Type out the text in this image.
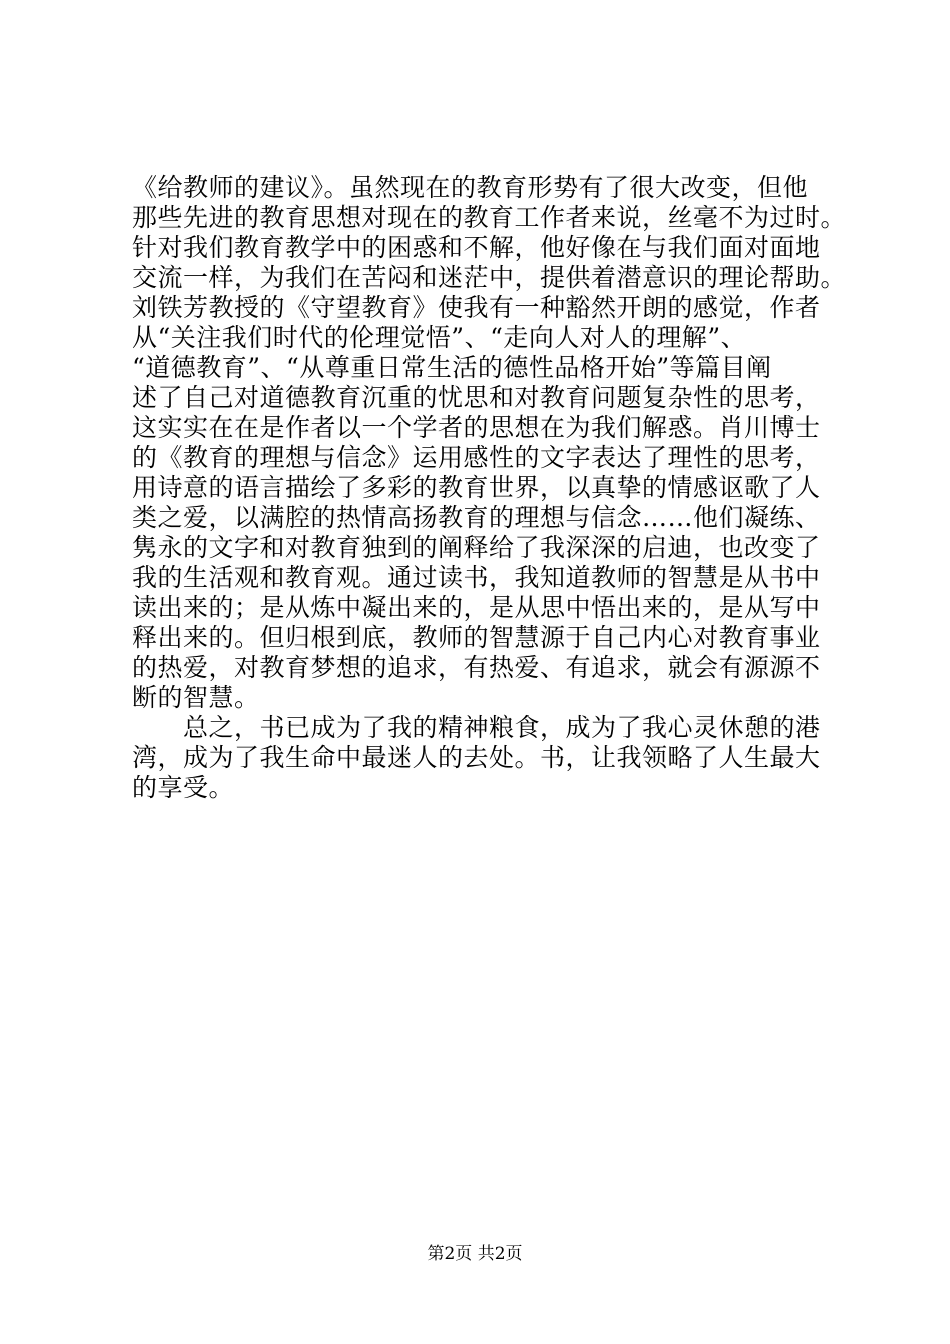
《给教师的建议》。虽然现在的教育形势有了很大改变，但他
那些先进的教育思想对现在的教育工作者来说，丝毫不为过时。
针对我们教育教学中的困惑和不解，他好像在与我们面对面地
交流一样，为我们在苦闷和迷茫中，提供着潜意识的理论帮助。
刘铁芳教授的《守望教育》使我有一种豁然开朗的感觉，作者
从“关注我们时代的伦理觉悟”、“走向人对人的理解”、
“道德教育”、“从尊重日常生活的德性品格开始”等篇目阐
述了自己对道德教育沉重的忧思和对教育问题复杂性的思考，
这实实在在是作者以一个学者的思想在为我们解惑。肖川博士
的《教育的理想与信念》运用感性的文字表达了理性的思考，
用诗意的语言描绘了多彩的教育世界，以真挚的情感讴歌了人
类之爱，以满腔的热情高扬教育的理想与信念……他们凝练、
隽永的文字和对教育独到的阐释给了我深深的启迪，也改变了
我的生活观和教育观。通过读书，我知道教师的智慧是从书中
读出来的；是从炼中凝出来的，是从思中悟出来的，是从写中
释出来的。但归根到底，教师的智慧源于自己内心对教育事业
的热爱，对教育梦想的追求，有热爱、有追求，就会有源源不
断的智慧。
　　总之，书已成为了我的精神粮食，成为了我心灵休憩的港
湾，成为了我生命中最迷人的去处。书，让我领略了人生最大
的享受。
第2页 共2页
